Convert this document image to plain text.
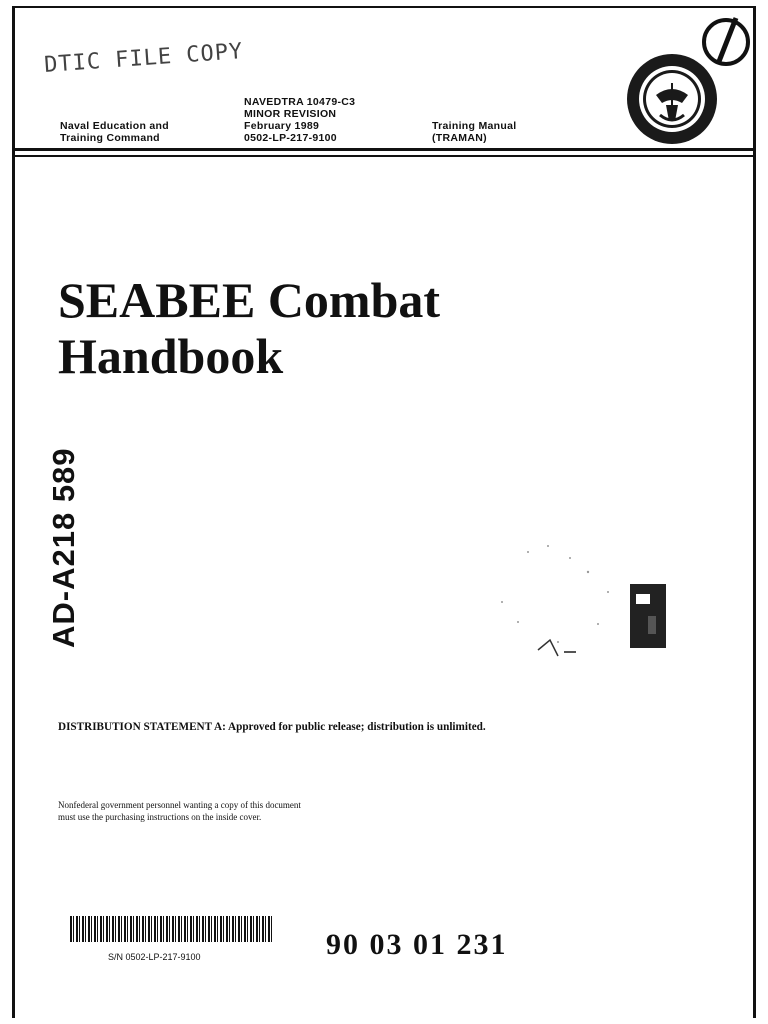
DTIC FILE COPY
Naval Education and
Training Command
NAVEDTRA 10479-C3
MINOR REVISION
February 1989
0502-LP-217-9100
Training Manual
(TRAMAN)
SEABEE Combat
Handbook
AD-A218 589
DISTRIBUTION STATEMENT A: Approved for public release; distribution is unlimited.
Nonfederal government personnel wanting a copy of this document
must use the purchasing instructions on the inside cover.
S/N 0502-LP-217-9100	90 03 01 231
